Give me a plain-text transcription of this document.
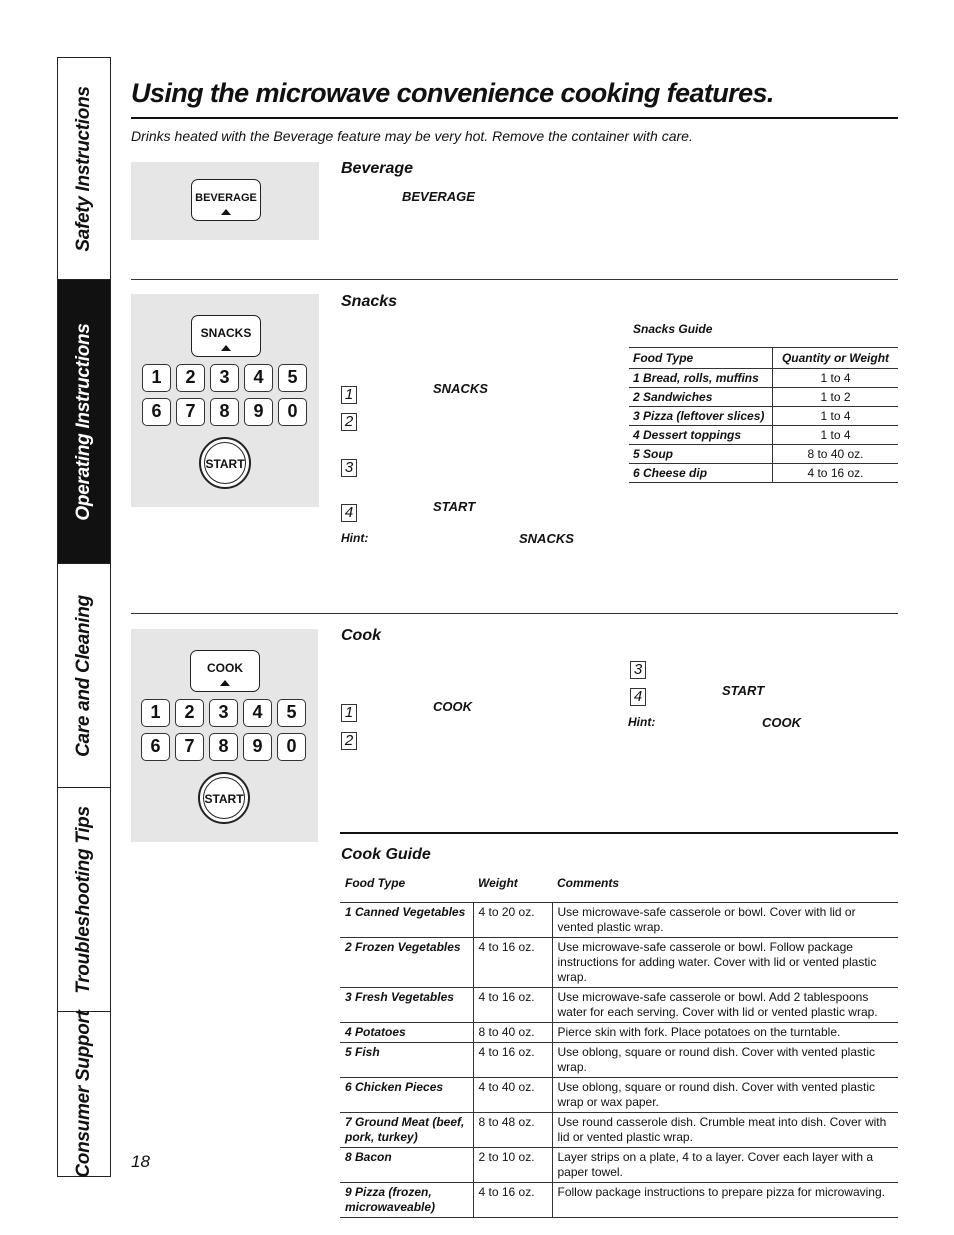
Safety Instructions
Operating Instructions
Care and Cleaning
Troubleshooting Tips
Consumer Support
Using the microwave convenience cooking features.
Drinks heated with the Beverage feature may be very hot. Remove the container with care.
BEVERAGE
Beverage
BEVERAGE
SNACKS
1	2	3	4	5
6	7	8	9	0
START
Snacks
1	SNACKS
2
3
4	START
Hint:	SNACKS
Snacks Guide
Food Type	Quantity or Weight
1 Bread, rolls, muffins	1 to 4
2 Sandwiches	1 to 2
3 Pizza (leftover slices)	1 to 4
4 Dessert toppings	1 to 4
5 Soup	8 to 40 oz.
6 Cheese dip	4 to 16 oz.
COOK
1	2	3	4	5
6	7	8	9	0
START
Cook
1	COOK
2
3
4	START
Hint:	COOK
Cook Guide
Food Type	Weight	Comments
1 Canned Vegetables	4 to 20 oz.	Use microwave-safe casserole or bowl. Cover with lid or vented plastic wrap.
2 Frozen Vegetables	4 to 16 oz.	Use microwave-safe casserole or bowl. Follow package instructions for adding water. Cover with lid or vented plastic wrap.
3 Fresh Vegetables	4 to 16 oz.	Use microwave-safe casserole or bowl. Add 2 tablespoons water for each serving. Cover with lid or vented plastic wrap.
4 Potatoes	8 to 40 oz.	Pierce skin with fork. Place potatoes on the turntable.
5 Fish	4 to 16 oz.	Use oblong, square or round dish. Cover with vented plastic wrap.
6 Chicken Pieces	4 to 40 oz.	Use oblong, square or round dish. Cover with vented plastic wrap or wax paper.
7 Ground Meat (beef, pork, turkey)	8 to 48 oz.	Use round casserole dish. Crumble meat into dish. Cover with lid or vented plastic wrap.
8 Bacon	2 to 10 oz.	Layer strips on a plate, 4 to a layer. Cover each layer with a paper towel.
9 Pizza (frozen, microwaveable)	4 to 16 oz.	Follow package instructions to prepare pizza for microwaving.
18
